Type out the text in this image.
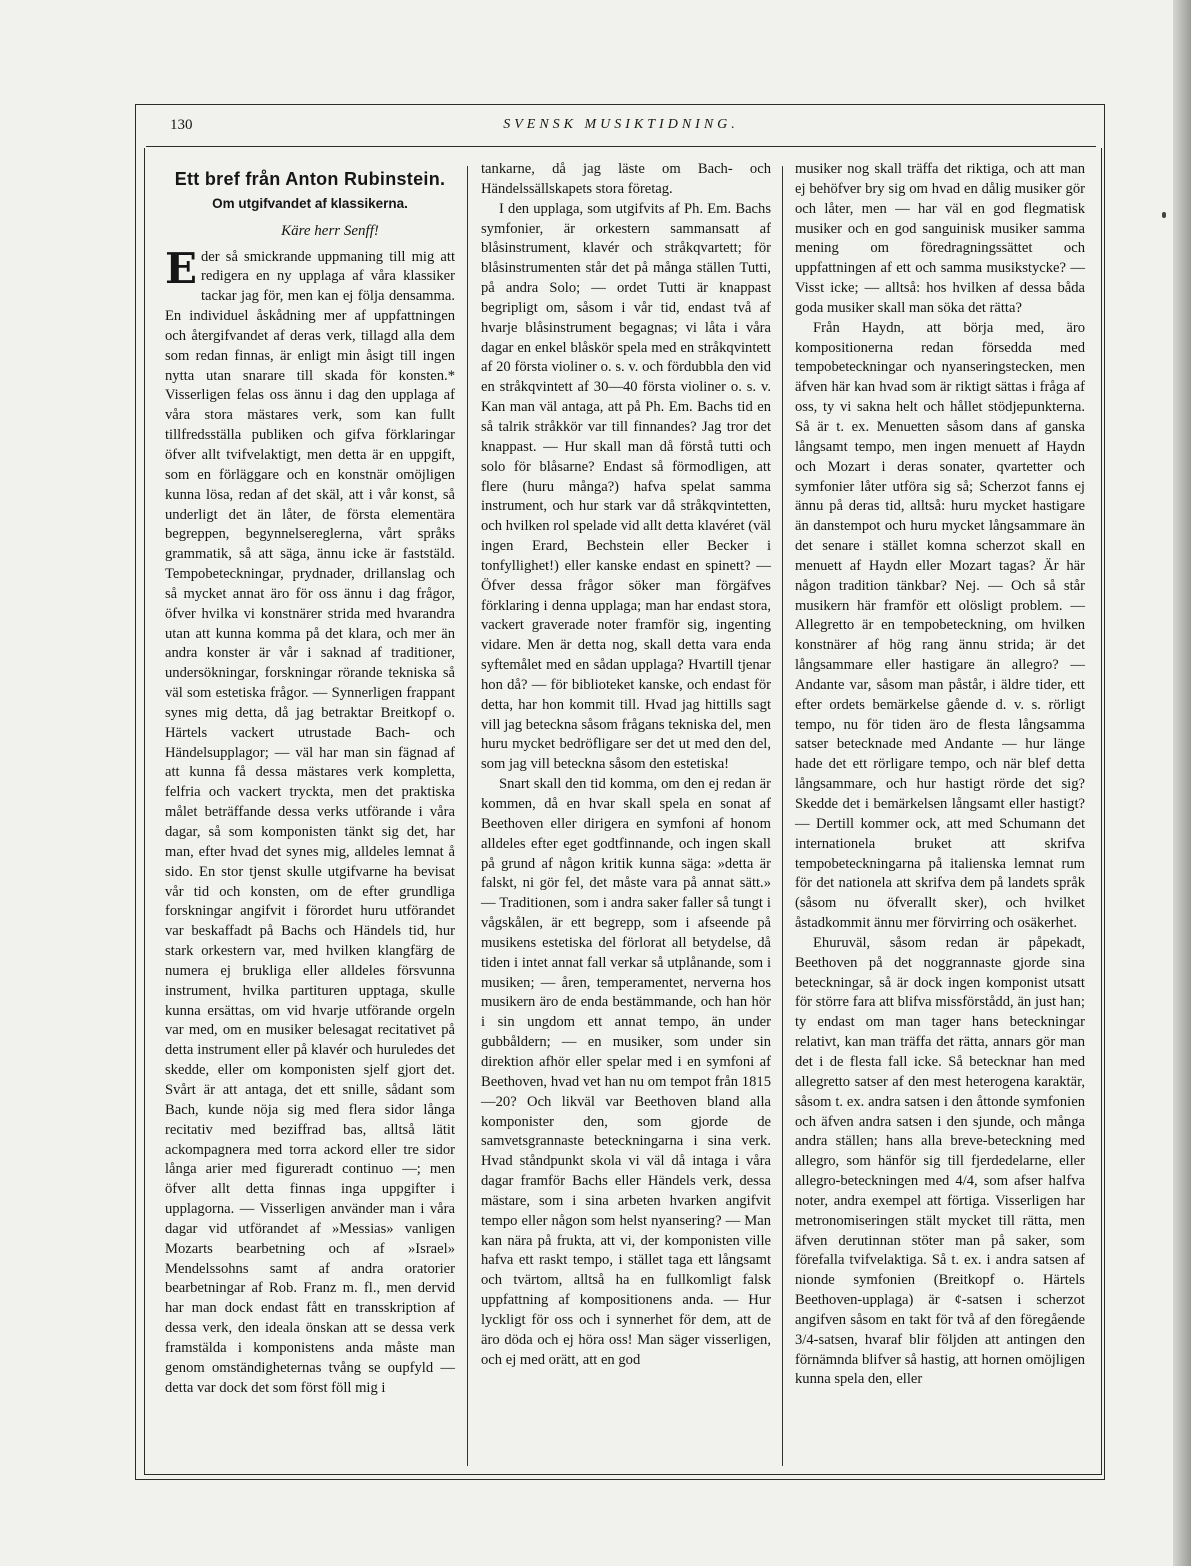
130	SVENSK MUSIKTIDNING.
Ett bref från Anton Rubinstein.
Om utgifvandet af klassikerna.
Käre herr Senff!

Eder så smickrande uppmaning till mig att redigera en ny upplaga af våra klassiker tackar jag för, men kan ej följa densamma. En individuel åskådning mer af uppfattningen och återgifvandet af deras verk, tillagd alla dem som redan finnas, är enligt min åsigt till ingen nytta utan snarare till skada för konsten.* Visserligen felas oss ännu i dag den upplaga af våra stora mästares verk, som kan fullt tillfredsställa publiken och gifva förklaringar öfver allt tvifvelaktigt, men detta är en uppgift, som en förläggare och en konstnär omöjligen kunna lösa, redan af det skäl, att i vår konst, så underligt det än låter, de första elementära begreppen, begynnelsereglerna, vårt språks grammatik, så att säga, ännu icke är faststäld. Tempobeteckningar, prydnader, drillanslag och så mycket annat äro för oss ännu i dag frågor, öfver hvilka vi konstnärer strida med hvarandra utan att kunna komma på det klara, och mer än andra konster är vår i saknad af traditioner, undersökningar, forskningar rörande tekniska så väl som estetiska frågor. — Synnerligen frappant synes mig detta, då jag betraktar Breitkopf o. Härtels vackert utrustade Bach- och Händelsupplagor; — väl har man sin fägnad af att kunna få dessa mästares verk kompletta, felfria och vackert tryckta, men det praktiska målet beträffande dessa verks utförande i våra dagar, så som komponisten tänkt sig det, har man, efter hvad det synes mig, alldeles lemnat å sido. En stor tjenst skulle utgifvarne ha bevisat vår tid och konsten, om de efter grundliga forskningar angifvit i förordet huru utförandet var beskaffadt på Bachs och Händels tid, hur stark orkestern var, med hvilken klangfärg de numera ej brukliga eller alldeles försvunna instrument, hvilka partituren upptaga, skulle kunna ersättas, om vid hvarje utförande orgeln var med, om en musiker belesagat recitativet på detta instrument eller på klavér och huruledes det skedde, eller om komponisten sjelf gjort det. Svårt är att antaga, det ett snille, sådant som Bach, kunde nöja sig med flera sidor långa recitativ med beziffrad bas, alltså lätit ackompagnera med torra ackord eller tre sidor långa arier med figureradt continuo —; men öfver allt detta finnas inga uppgifter i upplagorna. — Visserligen använder man i våra dagar vid utförandet af »Messias» vanligen Mozarts bearbetning och af »Israel» Mendelssohns samt af andra oratorier bearbetningar af Rob. Franz m. fl., men dervid har man dock endast fått en transskription af dessa verk, den ideala önskan att se dessa verk framstälda i komponistens anda måste man genom omständigheternas tvång se oupfyld — detta var dock det som först föll mig i

tankarne, då jag läste om Bach- och Händelssällskapets stora företag.

I den upplaga, som utgifvits af Ph. Em. Bachs symfonier, är orkestern sammansatt af blåsinstrument, klavér och stråkqvartett; för blåsinstrumenten står det på många ställen Tutti, på andra Solo; — ordet Tutti är knappast begripligt om, såsom i vår tid, endast två af hvarje blåsinstrument begagnas; vi låta i våra dagar en enkel blåskör spela med en stråkqvintett af 20 första violiner o. s. v. och fördubbla den vid en stråkqvintett af 30—40 första violiner o. s. v. Kan man väl antaga, att på Ph. Em. Bachs tid en så talrik stråkkör var till finnandes? Jag tror det knappast. — Hur skall man då förstå tutti och solo för blåsarne? Endast så förmodligen, att flere (huru många?) hafva spelat samma instrument, och hur stark var då stråkqvintetten, och hvilken rol spelade vid allt detta klavéret (väl ingen Erard, Bechstein eller Becker i tonfyllighet!) eller kanske endast en spinett? — Öfver dessa frågor söker man förgäfves förklaring i denna upplaga; man har endast stora, vackert graverade noter framför sig, ingenting vidare. Men är detta nog, skall detta vara enda syftemålet med en sådan upplaga? Hvartill tjenar hon då? — för biblioteket kanske, och endast för detta, har hon kommit till. Hvad jag hittills sagt vill jag beteckna såsom frågans tekniska del, men huru mycket bedröfligare ser det ut med den del, som jag vill beteckna såsom den estetiska!

Snart skall den tid komma, om den ej redan är kommen, då en hvar skall spela en sonat af Beethoven eller dirigera en symfoni af honom alldeles efter eget godtfinnande, och ingen skall på grund af någon kritik kunna säga: »detta är falskt, ni gör fel, det måste vara på annat sätt.» — Traditionen, som i andra saker faller så tungt i vågskålen, är ett begrepp, som i afseende på musikens estetiska del förlorat all betydelse, då tiden i intet annat fall verkar så utplånande, som i musiken; — åren, temperamentet, nerverna hos musikern äro de enda bestämmande, och han hör i sin ungdom ett annat tempo, än under gubbåldern; — en musiker, som under sin direktion afhör eller spelar med i en symfoni af Beethoven, hvad vet han nu om tempot från 1815—20? Och likväl var Beethoven bland alla komponister den, som gjorde de samvetsgrannaste beteckningarna i sina verk. Hvad ståndpunkt skola vi väl då intaga i våra dagar framför Bachs eller Händels verk, dessa mästare, som i sina arbeten hvarken angifvit tempo eller någon som helst nyansering? — Man kan nära på frukta, att vi, der komponisten ville hafva ett raskt tempo, i stället taga ett långsamt och tvärtom, alltså ha en fullkomligt falsk uppfattning af kompositionens anda. — Hur lyckligt för oss och i synnerhet för dem, att de äro döda och ej höra oss! Man säger visserligen, och ej med orätt, att en god

musiker nog skall träffa det riktiga, och att man ej behöfver bry sig om hvad en dålig musiker gör och låter, men — har väl en god flegmatisk musiker och en god sanguinisk musiker samma mening om föredragningssättet och uppfattningen af ett och samma musikstycke? — Visst icke; — alltså: hos hvilken af dessa båda goda musiker skall man söka det rätta?

Från Haydn, att börja med, äro kompositionerna redan försedda med tempobeteckningar och nyanseringstecken, men äfven här kan hvad som är riktigt sättas i fråga af oss, ty vi sakna helt och hållet stödjepunkterna. Så är t. ex. Menuetten såsom dans af ganska långsamt tempo, men ingen menuett af Haydn och Mozart i deras sonater, qvartetter och symfonier låter utföra sig så; Scherzot fanns ej ännu på deras tid, alltså: huru mycket hastigare än danstempot och huru mycket långsammare än det senare i stället komna scherzot skall en menuett af Haydn eller Mozart tagas? Är här någon tradition tänkbar? Nej. — Och så står musikern här framför ett olösligt problem. — Allegretto är en tempobeteckning, om hvilken konstnärer af hög rang ännu strida; är det långsammare eller hastigare än allegro? — Andante var, såsom man påstår, i äldre tider, ett efter ordets bemärkelse gående d. v. s. rörligt tempo, nu för tiden äro de flesta långsamma satser betecknade med Andante — hur länge hade det ett rörligare tempo, och när blef detta långsammare, och hur hastigt rörde det sig? Skedde det i bemärkelsen långsamt eller hastigt? — Dertill kommer ock, att med Schumann det internationela bruket att skrifva tempobeteckningarna på italienska lemnat rum för det nationela att skrifva dem på landets språk (såsom nu öfverallt sker), och hvilket åstadkommit ännu mer förvirring och osäkerhet.

Ehuruväl, såsom redan är påpekadt, Beethoven på det noggrannaste gjorde sina beteckningar, så är dock ingen komponist utsatt för större fara att blifva missförstådd, än just han; ty endast om man tager hans beteckningar relativt, kan man träffa det rätta, annars gör man det i de flesta fall icke. Så betecknar han med allegretto satser af den mest heterogena karaktär, såsom t. ex. andra satsen i den åttonde symfonien och äfven andra satsen i den sjunde, och många andra ställen; hans alla breve-beteckning med allegro, som hänför sig till fjerdedelarne, eller allegro-beteckningen med 4/4, som afser halfva noter, andra exempel att förtiga. Visserligen har metronomiseringen stält mycket till rätta, men äfven derutinnan stöter man på saker, som förefalla tvifvelaktiga. Så t. ex. i andra satsen af nionde symfonien (Breitkopf o. Härtels Beethoven-upplaga) är ¢-satsen i scherzot angifven såsom en takt för två af den föregående 3/4-satsen, hvaraf blir följden att antingen den förnämnda blifver så hastig, att hornen omöjligen kunna spela den, eller
